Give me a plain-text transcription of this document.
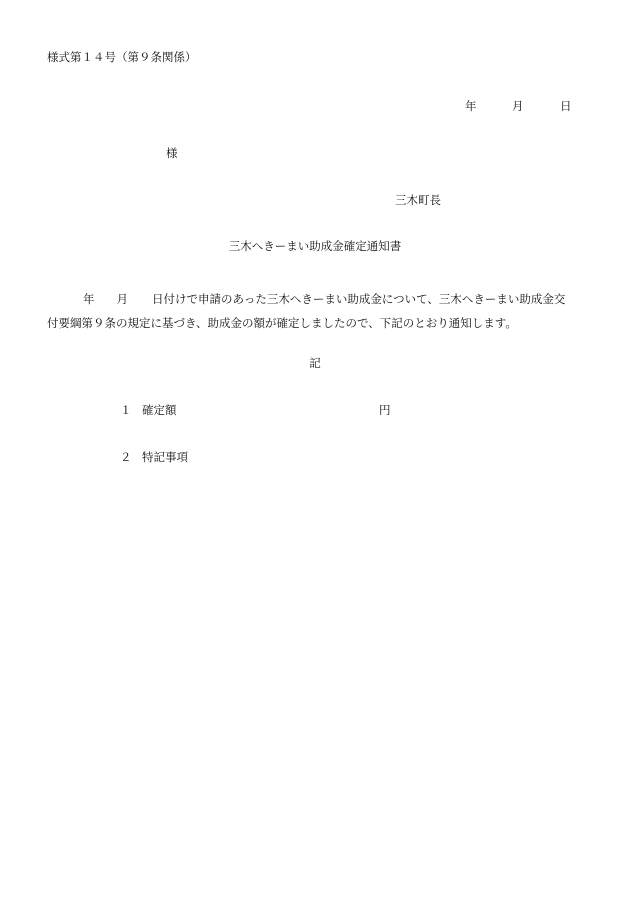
様式第１４号（第９条関係）
年	月	日
様
三木町長
三木へきーまい助成金確定通知書
年 月 日付けで申請のあった三木へきーまい助成金について、三木へきーまい助成金交
付要綱第９条の規定に基づき、助成金の額が確定しましたので、下記のとおり通知します。
記
１ 確定額	円
２ 特記事項
